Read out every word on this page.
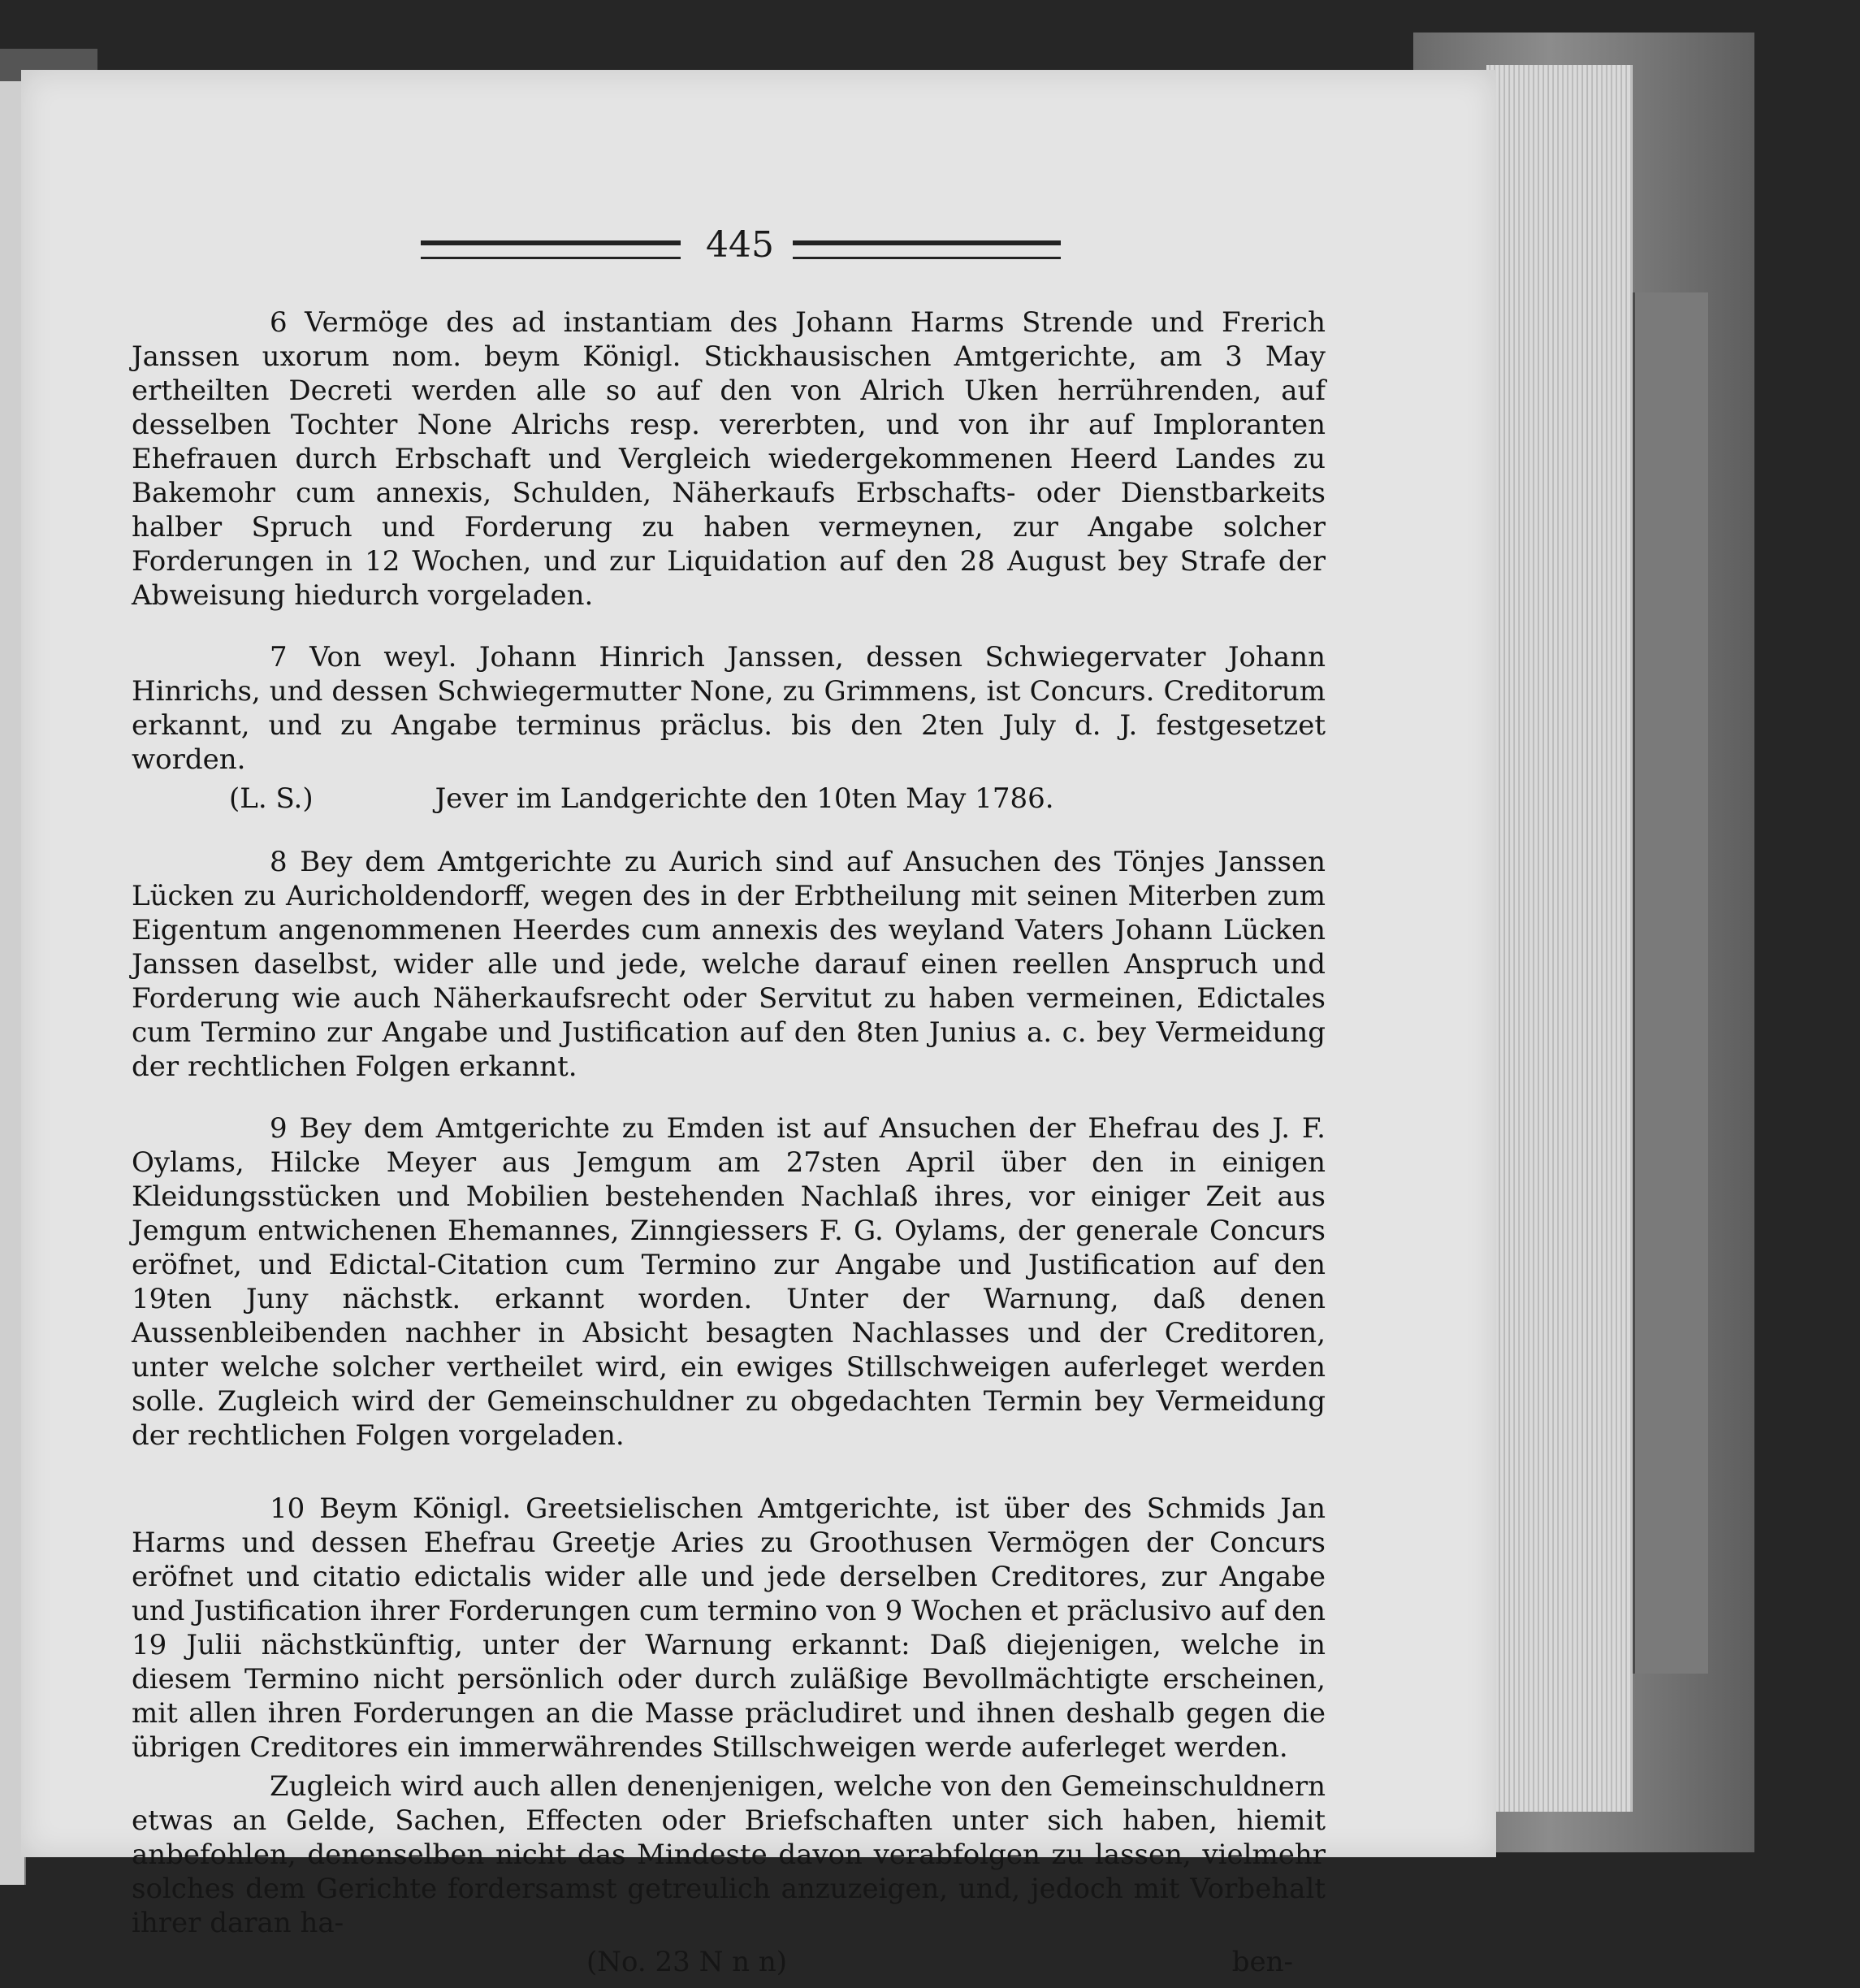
445

6 Vermöge des ad instantiam des Johann Harms Strende und Frerich Janssen uxorum nom. beym Königl. Stickhausischen Amtgerichte, am 3 May ertheilten Decreti werden alle so auf den von Alrich Uken herrührenden, auf desselben Tochter None Alrichs resp. vererbten, und von ihr auf Imploranten Ehefrauen durch Erbschaft und Vergleich wiedergekommenen Heerd Landes zu Bakemohr cum annexis, Schulden, Näherkaufs Erbschafts- oder Dienstbarkeits halber Spruch und Forderung zu haben vermeynen, zur Angabe solcher Forderungen in 12 Wochen, und zur Liquidation auf den 28 August bey Strafe der Abweisung hiedurch vorgeladen.

7 Von weyl. Johann Hinrich Janssen, dessen Schwiegervater Johann Hinrichs, und dessen Schwiegermutter None, zu Grimmens, ist Concurs. Creditorum erkannt, und zu Angabe terminus präclus. bis den 2ten July d. J. festgesetzet worden.

(L. S.)	Jever im Landgerichte den 10ten May 1786.

8 Bey dem Amtgerichte zu Aurich sind auf Ansuchen des Tönjes Janssen Lücken zu Auricholdendorff, wegen des in der Erbtheilung mit seinen Miterben zum Eigentum angenommenen Heerdes cum annexis des weyland Vaters Johann Lücken Janssen daselbst, wider alle und jede, welche darauf einen reellen Anspruch und Forderung wie auch Näherkaufsrecht oder Servitut zu haben vermeinen, Edictales cum Termino zur Angabe und Justification auf den 8ten Junius a. c. bey Vermeidung der rechtlichen Folgen erkannt.

9 Bey dem Amtgerichte zu Emden ist auf Ansuchen der Ehefrau des J. F. Oylams, Hilcke Meyer aus Jemgum am 27sten April über den in einigen Kleidungsstücken und Mobilien bestehenden Nachlaß ihres, vor einiger Zeit aus Jemgum entwichenen Ehemannes, Zinngiessers F. G. Oylams, der generale Concurs eröfnet, und Edictal-Citation cum Termino zur Angabe und Justification auf den 19ten Juny nächstk. erkannt worden. Unter der Warnung, daß denen Aussenbleibenden nachher in Absicht besagten Nachlasses und der Creditoren, unter welche solcher vertheilet wird, ein ewiges Stillschweigen auferleget werden solle. Zugleich wird der Gemeinschuldner zu obgedachten Termin bey Vermeidung der rechtlichen Folgen vorgeladen.

10 Beym Königl. Greetsielischen Amtgerichte, ist über des Schmids Jan Harms und dessen Ehefrau Greetje Aries zu Groothusen Vermögen der Concurs eröfnet und citatio edictalis wider alle und jede derselben Creditores, zur Angabe und Justification ihrer Forderungen cum termino von 9 Wochen et präclusivo auf den 19 Julii nächstkünftig, unter der Warnung erkannt: Daß diejenigen, welche in diesem Termino nicht persönlich oder durch zuläßige Bevollmächtigte erscheinen, mit allen ihren Forderungen an die Masse präcludiret und ihnen deshalb gegen die übrigen Creditores ein immerwährendes Stillschweigen werde auferleget werden.

Zugleich wird auch allen denenjenigen, welche von den Gemeinschuldnern etwas an Gelde, Sachen, Effecten oder Briefschaften unter sich haben, hiemit anbefohlen, denenselben nicht das Mindeste davon verabfolgen zu lassen, vielmehr solches dem Gerichte fordersamst getreulich anzuzeigen, und, jedoch mit Vorbehalt ihrer daran ha-

(No. 23 N n n)	ben-
